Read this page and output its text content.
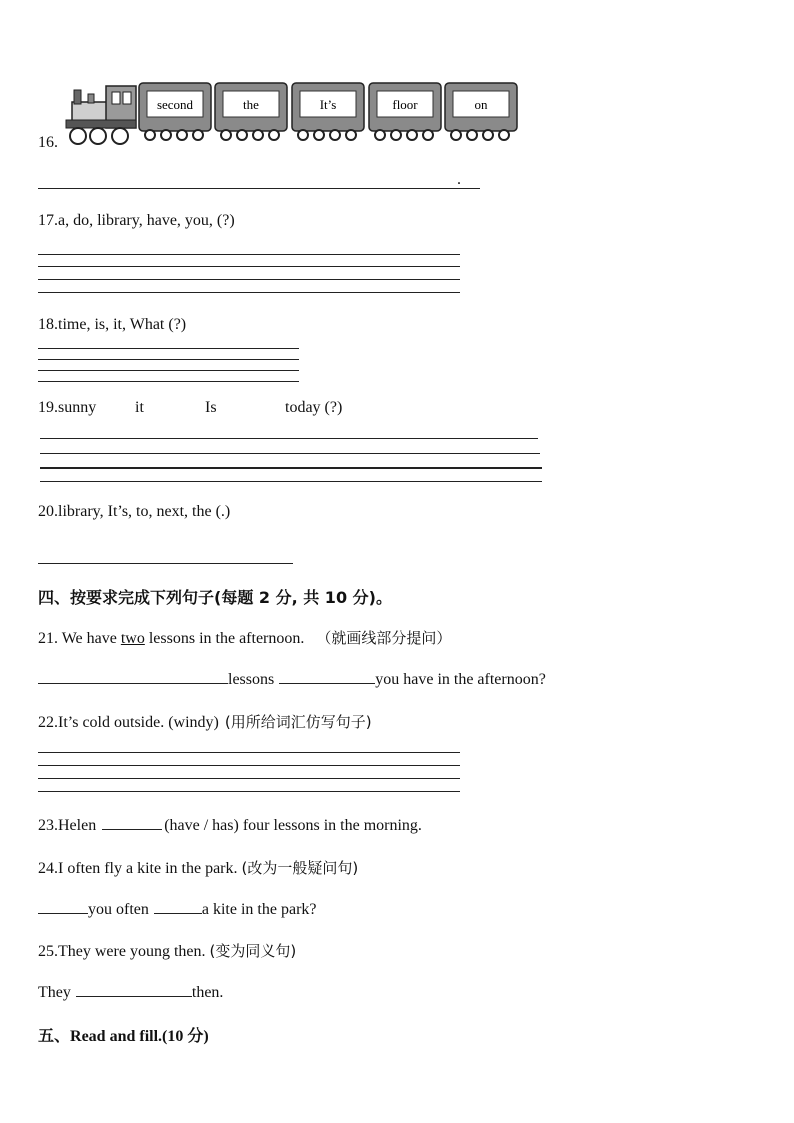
16.
second	the	It’s	floor	on
.
17.a, do, library, have, you, (?)
18.time, is, it, What (?)
19.sunny it	Is	today (?)
20.library, It’s, to, next, the (.)
四、按要求完成下列句子(每题 2 分, 共 10 分)。
21. We have two lessons in the afternoon. （就画线部分提问）
lessons	you have in the afternoon?
22.It’s cold outside. (windy) (用所给词汇仿写句子)
23.Helen	(have / has) four lessons in the morning.
24.I often fly a kite in the park. (改为一般疑问句)
you often	a kite in the park?
25.They were young then. (变为同义句)
They	then.
五、Read and fill.(10 分)
